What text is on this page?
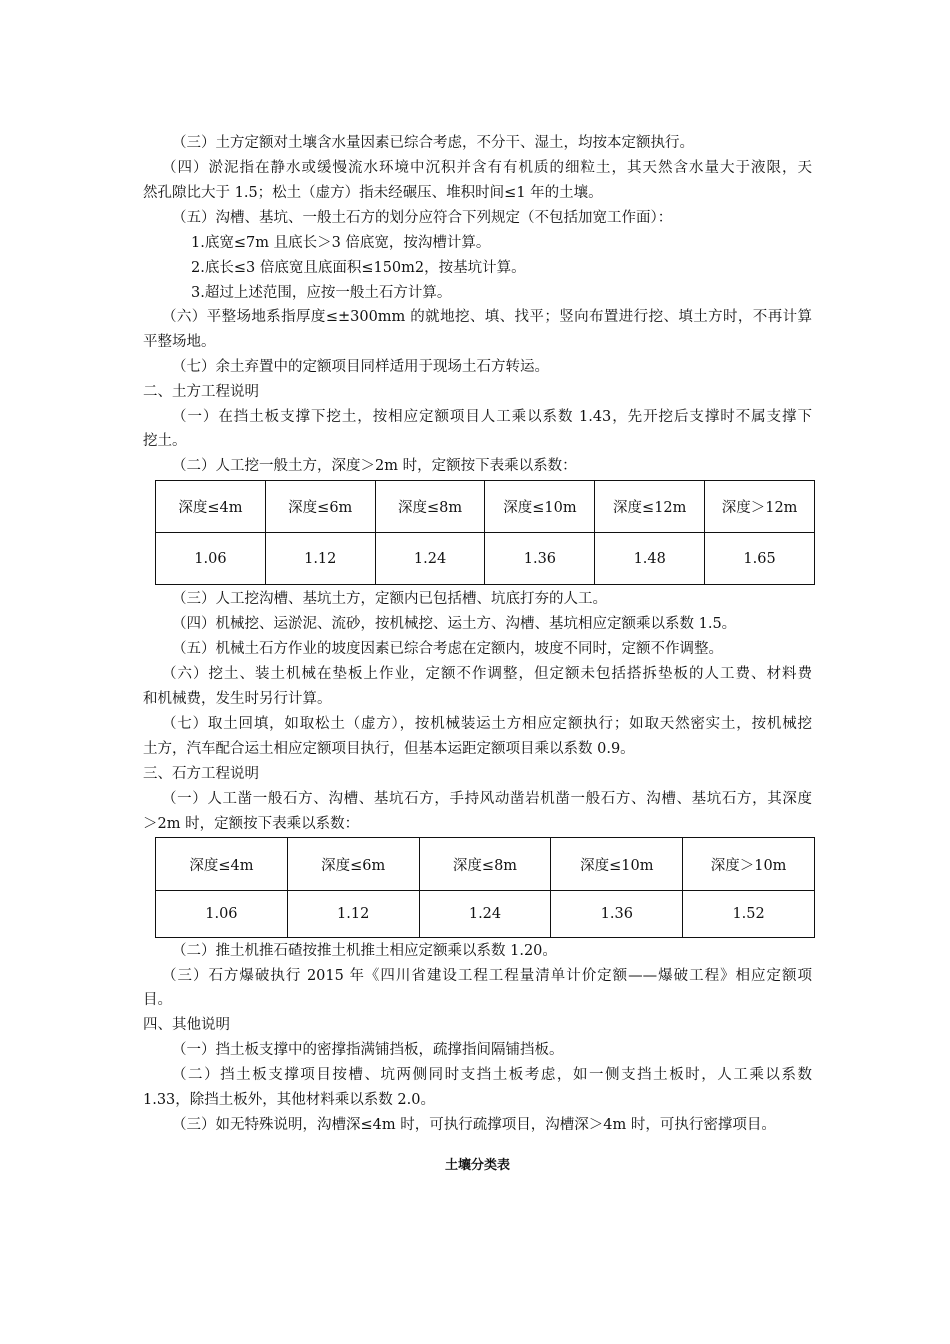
（三）土方定额对土壤含水量因素已综合考虑，不分干、湿土，均按本定额执行。
（四）淤泥指在静水或缓慢流水环境中沉积并含有有机质的细粒土，其天然含水量大于液限，天
然孔隙比大于 1.5；松土（虚方）指未经碾压、堆积时间≤1 年的土壤。
（五）沟槽、基坑、一般土石方的划分应符合下列规定（不包括加宽工作面）：
1.底宽≤7m 且底长＞3 倍底宽，按沟槽计算。
2.底长≤3 倍底宽且底面积≤150m2，按基坑计算。
3.超过上述范围，应按一般土石方计算。
（六）平整场地系指厚度≤±300mm 的就地挖、填、找平；竖向布置进行挖、填土方时，不再计算
平整场地。
（七）余土弃置中的定额项目同样适用于现场土石方转运。
二、土方工程说明
（一）在挡土板支撑下挖土，按相应定额项目人工乘以系数 1.43，先开挖后支撑时不属支撑下
挖土。
（二）人工挖一般土方，深度＞2m 时，定额按下表乘以系数：
深度≤4m	深度≤6m	深度≤8m	深度≤10m	深度≤12m	深度＞12m
1.06	1.12	1.24	1.36	1.48	1.65
（三）人工挖沟槽、基坑土方，定额内已包括槽、坑底打夯的人工。
（四）机械挖、运淤泥、流砂，按机械挖、运土方、沟槽、基坑相应定额乘以系数 1.5。
（五）机械土石方作业的坡度因素已综合考虑在定额内，坡度不同时，定额不作调整。
（六）挖土、装土机械在垫板上作业，定额不作调整，但定额未包括搭拆垫板的人工费、材料费
和机械费，发生时另行计算。
（七）取土回填，如取松土（虚方），按机械装运土方相应定额执行；如取天然密实土，按机械挖
土方，汽车配合运土相应定额项目执行，但基本运距定额项目乘以系数 0.9。
三、石方工程说明
（一）人工凿一般石方、沟槽、基坑石方，手持风动凿岩机凿一般石方、沟槽、基坑石方，其深度
＞2m 时，定额按下表乘以系数：
深度≤4m	深度≤6m	深度≤8m	深度≤10m	深度＞10m
1.06	1.12	1.24	1.36	1.52
（二）推土机推石碴按推土机推土相应定额乘以系数 1.20。
（三）石方爆破执行 2015 年《四川省建设工程工程量清单计价定额——爆破工程》相应定额项
目。
四、其他说明
（一）挡土板支撑中的密撑指满铺挡板，疏撑指间隔铺挡板。
（二）挡土板支撑项目按槽、坑两侧同时支挡土板考虑，如一侧支挡土板时，人工乘以系数
1.33，除挡土板外，其他材料乘以系数 2.0。
（三）如无特殊说明，沟槽深≤4m 时，可执行疏撑项目，沟槽深＞4m 时，可执行密撑项目。
土壤分类表
